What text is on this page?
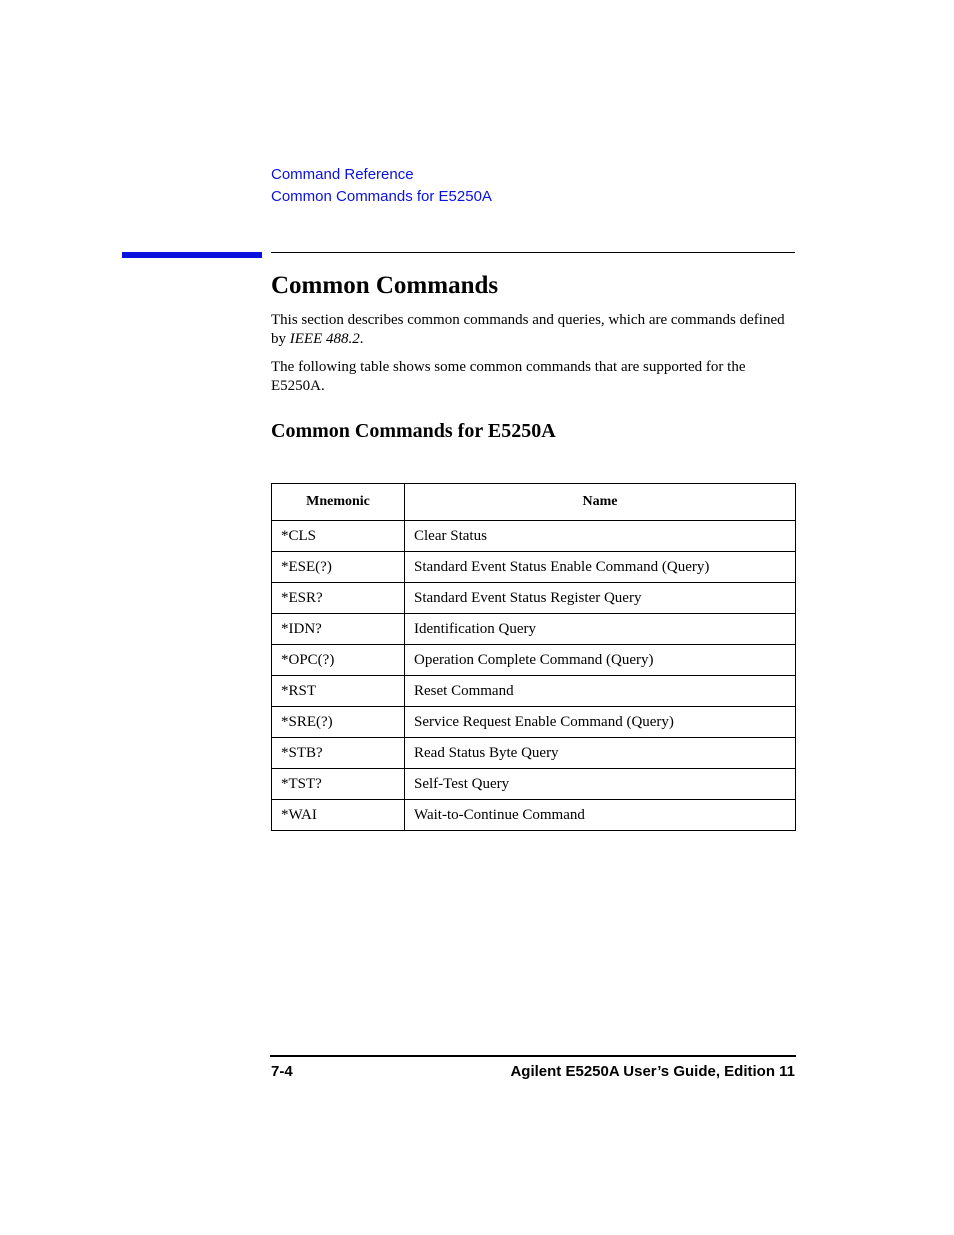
Command Reference
Common Commands for E5250A
Common Commands

This section describes common commands and queries, which are commands defined by IEEE 488.2.

The following table shows some common commands that are supported for the E5250A.

Common Commands for E5250A
Mnemonic	Name
*CLS	Clear Status
*ESE(?)	Standard Event Status Enable Command (Query)
*ESR?	Standard Event Status Register Query
*IDN?	Identification Query
*OPC(?)	Operation Complete Command (Query)
*RST	Reset Command
*SRE(?)	Service Request Enable Command (Query)
*STB?	Read Status Byte Query
*TST?	Self-Test Query
*WAI	Wait-to-Continue Command
7-4	Agilent E5250A User’s Guide, Edition 11
